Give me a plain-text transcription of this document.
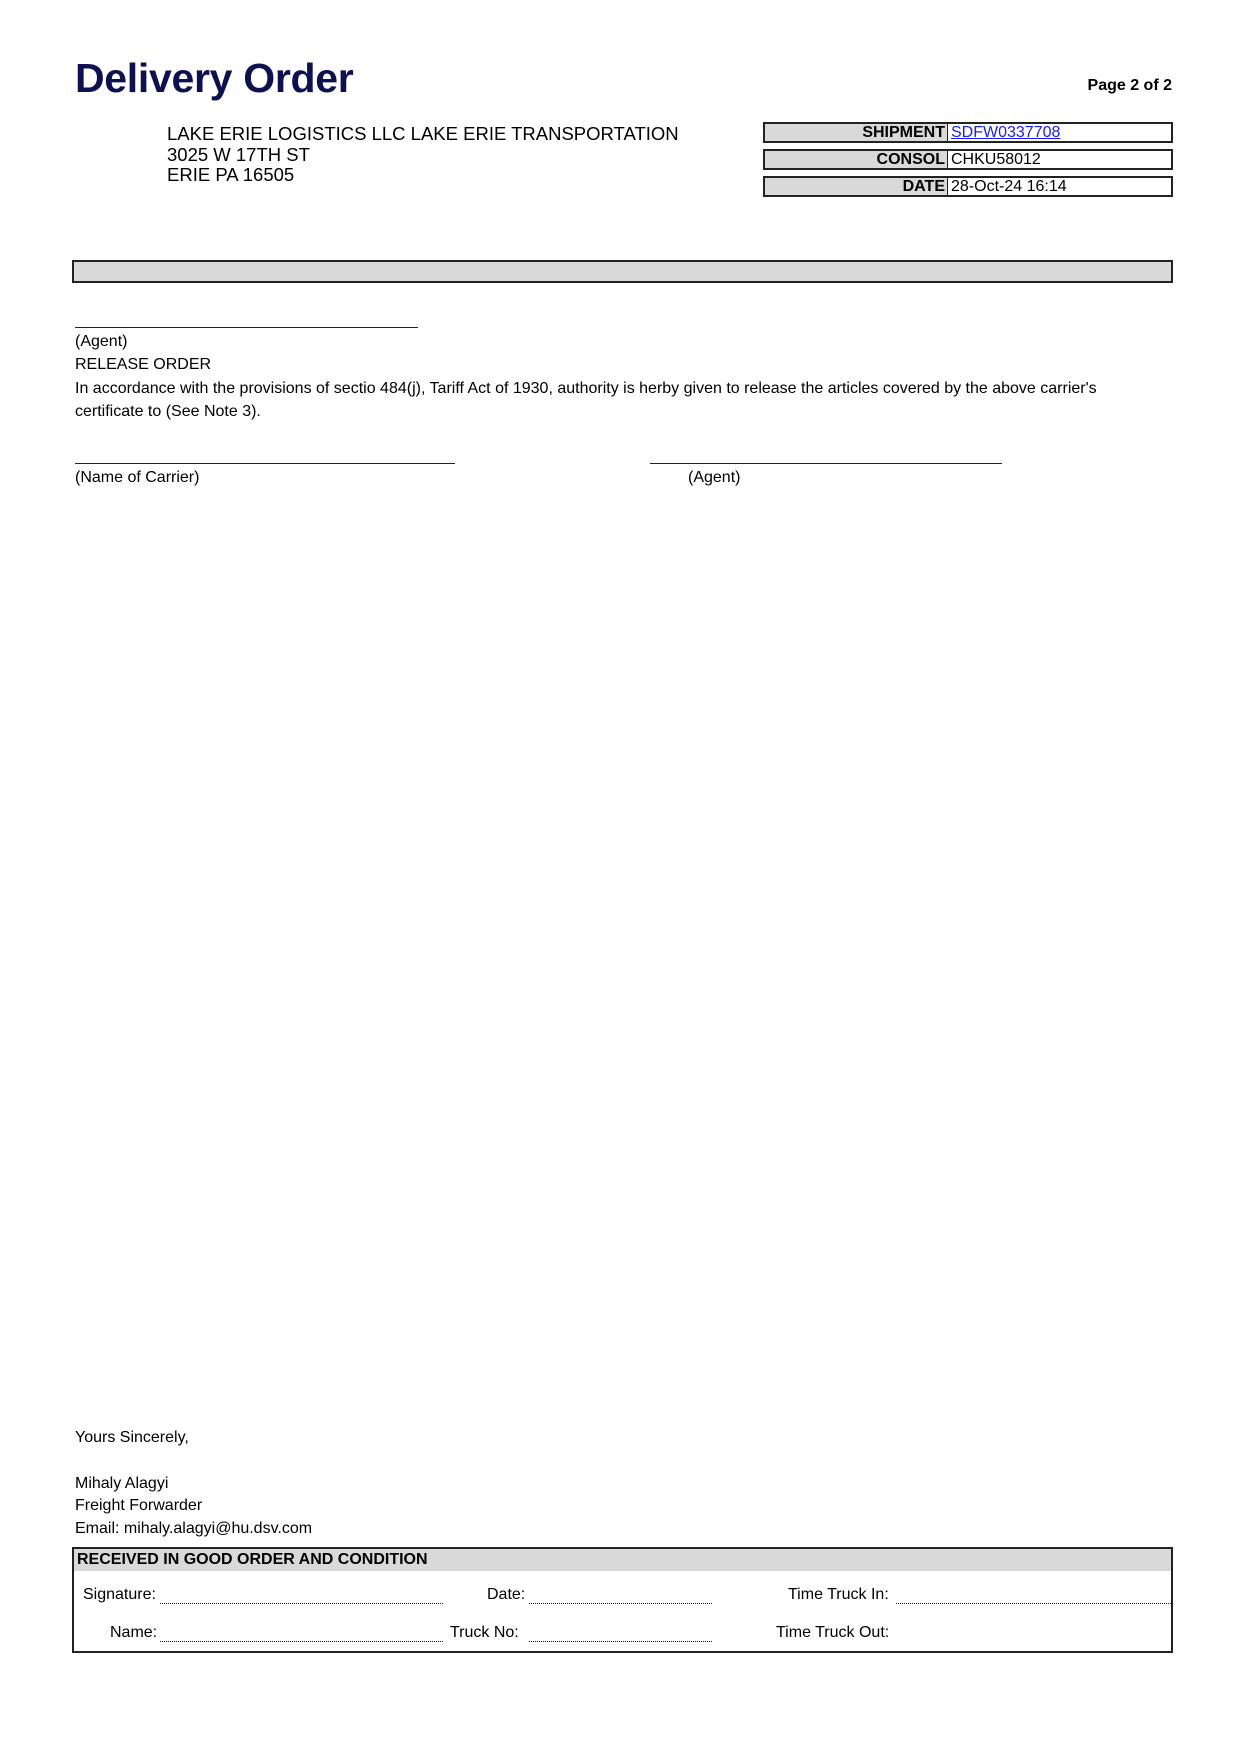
Delivery Order	Page 2 of 2
LAKE ERIE LOGISTICS LLC LAKE ERIE TRANSPORTATION
3025 W 17TH ST
ERIE PA 16505
SHIPMENT SDFW0337708
CONSOL CHKU58012
DATE 28-Oct-24 16:14
(Agent)
RELEASE ORDER
In accordance with the provisions of sectio 484(j), Tariff Act of 1930, authority is herby given to release the articles covered by the above carrier's certificate to (See Note 3).
(Name of Carrier)	(Agent)
Yours Sincerely,
Mihaly Alagyi
Freight Forwarder
Email: mihaly.alagyi@hu.dsv.com
RECEIVED IN GOOD ORDER AND CONDITION
Signature:	Date:	Time Truck In:
Name:	Truck No:	Time Truck Out:
